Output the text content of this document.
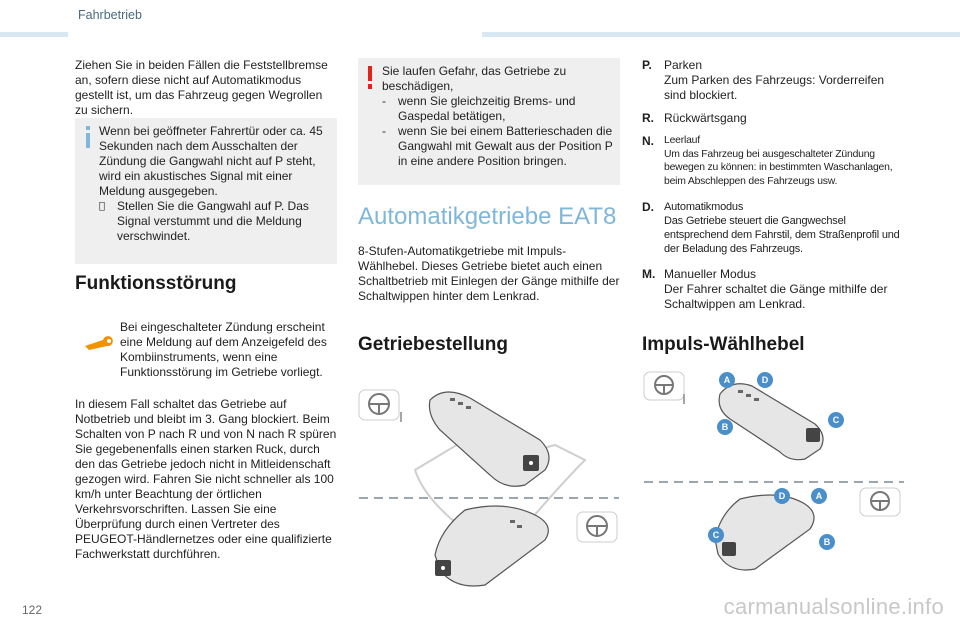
Fahrbetrieb
Ziehen Sie in beiden Fällen die Feststellbremse an, sofern diese nicht auf Automatikmodus gestellt ist, um das Fahrzeug gegen Wegrollen zu sichern.
Wenn bei geöffneter Fahrertür oder ca. 45 Sekunden nach dem Ausschalten der Zündung die Gangwahl nicht auf P steht, wird ein akustisches Signal mit einer Meldung ausgegeben.
Stellen Sie die Gangwahl auf P. Das Signal verstummt und die Meldung verschwindet.
Funktionsstörung
Bei eingeschalteter Zündung erscheint eine Meldung auf dem Anzeigefeld des Kombiinstruments, wenn eine Funktionsstörung im Getriebe vorliegt.
In diesem Fall schaltet das Getriebe auf Notbetrieb und bleibt im 3. Gang blockiert. Beim Schalten von P nach R und von N nach R spüren Sie gegebenenfalls einen starken Ruck, durch den das Getriebe jedoch nicht in Mitleidenschaft gezogen wird. Fahren Sie nicht schneller als 100 km/h unter Beachtung der örtlichen Verkehrsvorschriften. Lassen Sie eine Überprüfung durch einen Vertreter des PEUGEOT-Händlernetzes oder eine qualifizierte Fachwerkstatt durchführen.
Sie laufen Gefahr, das Getriebe zu beschädigen,
-	wenn Sie gleichzeitig Brems- und Gaspedal betätigen,
-	wenn Sie bei einem Batterieschaden die Gangwahl mit Gewalt aus der Position P in eine andere Position bringen.
Automatikgetriebe EAT8
8-Stufen-Automatikgetriebe mit Impuls-Wählhebel. Dieses Getriebe bietet auch einen Schaltbetrieb mit Einlegen der Gänge mithilfe der Schaltwippen hinter dem Lenkrad.
Getriebestellung
P.	Parken
Zum Parken des Fahrzeugs: Vorderreifen sind blockiert.
R. Rückwärtsgang
N. Leerlauf
Um das Fahrzeug bei ausgeschalteter Zündung bewegen zu können: in bestimmten Waschanlagen, beim Abschleppen des Fahrzeugs usw.
D. Automatikmodus
Das Getriebe steuert die Gangwechsel entsprechend dem Fahrstil, dem Straßenprofil und der Beladung des Fahrzeugs.
M. Manueller Modus
Der Fahrer schaltet die Gänge mithilfe der Schaltwippen am Lenkrad.
Impuls-Wählhebel
A	D
C
B
D	A
C
B
122	carmanualsonline.info
